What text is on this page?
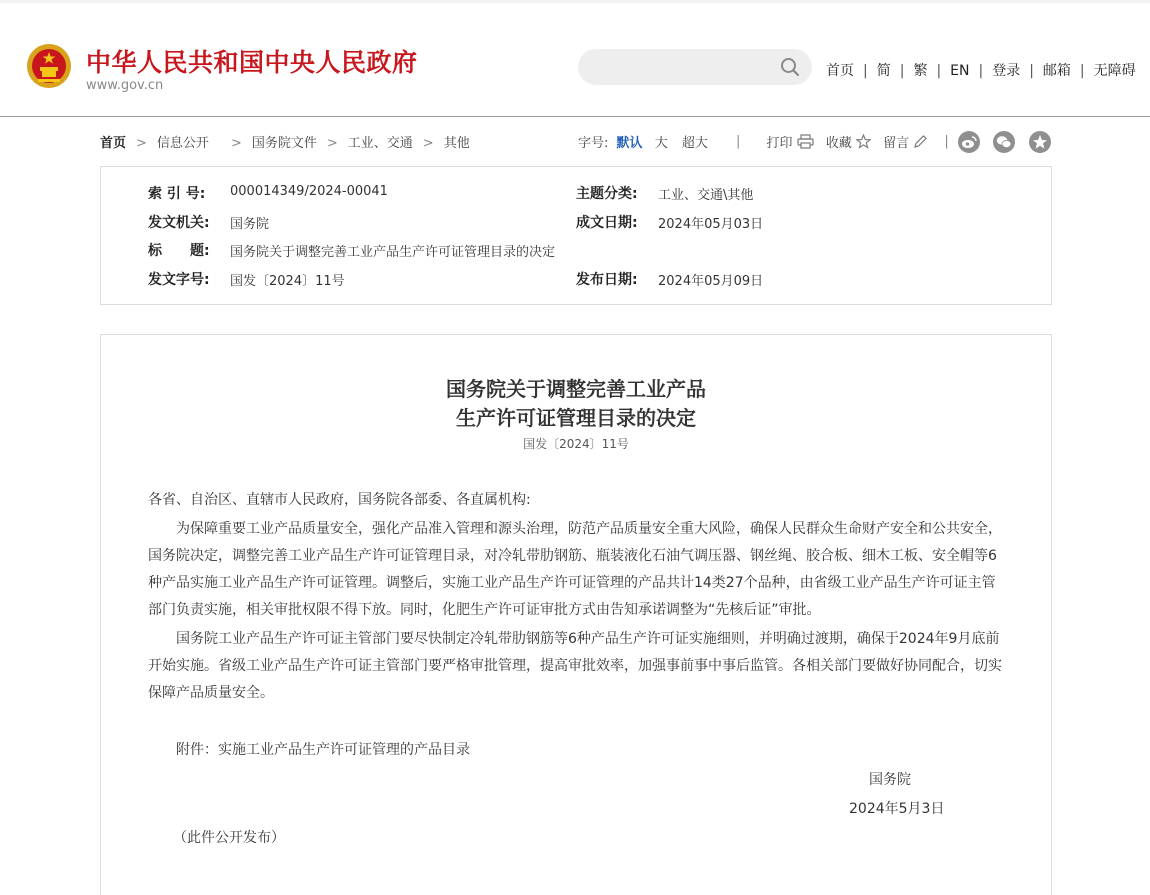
中华人民共和国中央人民政府
www.gov.cn
首页 | 简 | 繁 | EN | 登录 | 邮箱 | 无障碍
首页 > 信息公开 > 国务院文件 > 工业、交通 > 其他	字号: 默认 大 超大 | 打印	收藏 留言	|
索 引 号: 000014349/2024-00041	主题分类: 工业、交通\其他
发文机关: 国务院	成文日期: 2024年05月03日
标　　题: 国务院关于调整完善工业产品生产许可证管理目录的决定
发文字号: 国发〔2024〕11号	发布日期: 2024年05月09日
国务院关于调整完善工业产品
生产许可证管理目录的决定
国发〔2024〕11号
各省、自治区、直辖市人民政府，国务院各部委、各直属机构:
为保障重要工业产品质量安全，强化产品准入管理和源头治理，防范产品质量安全重大风险，确保人民群众生命财产安全和公共安全，国务院决定，调整完善工业产品生产许可证管理目录，对冷轧带肋钢筋、瓶装液化石油气调压器、钢丝绳、胶合板、细木工板、安全帽等6种产品实施工业产品生产许可证管理。调整后，实施工业产品生产许可证管理的产品共计14类27个品种，由省级工业产品生产许可证主管部门负责实施，相关审批权限不得下放。同时，化肥生产许可证审批方式由告知承诺调整为“先核后证”审批。
国务院工业产品生产许可证主管部门要尽快制定冷轧带肋钢筋等6种产品生产许可证实施细则，并明确过渡期，确保于2024年9月底前开始实施。省级工业产品生产许可证主管部门要严格审批管理，提高审批效率，加强事前事中事后监管。各相关部门要做好协同配合，切实保障产品质量安全。
附件：实施工业产品生产许可证管理的产品目录
国务院
2024年5月3日
（此件公开发布）
